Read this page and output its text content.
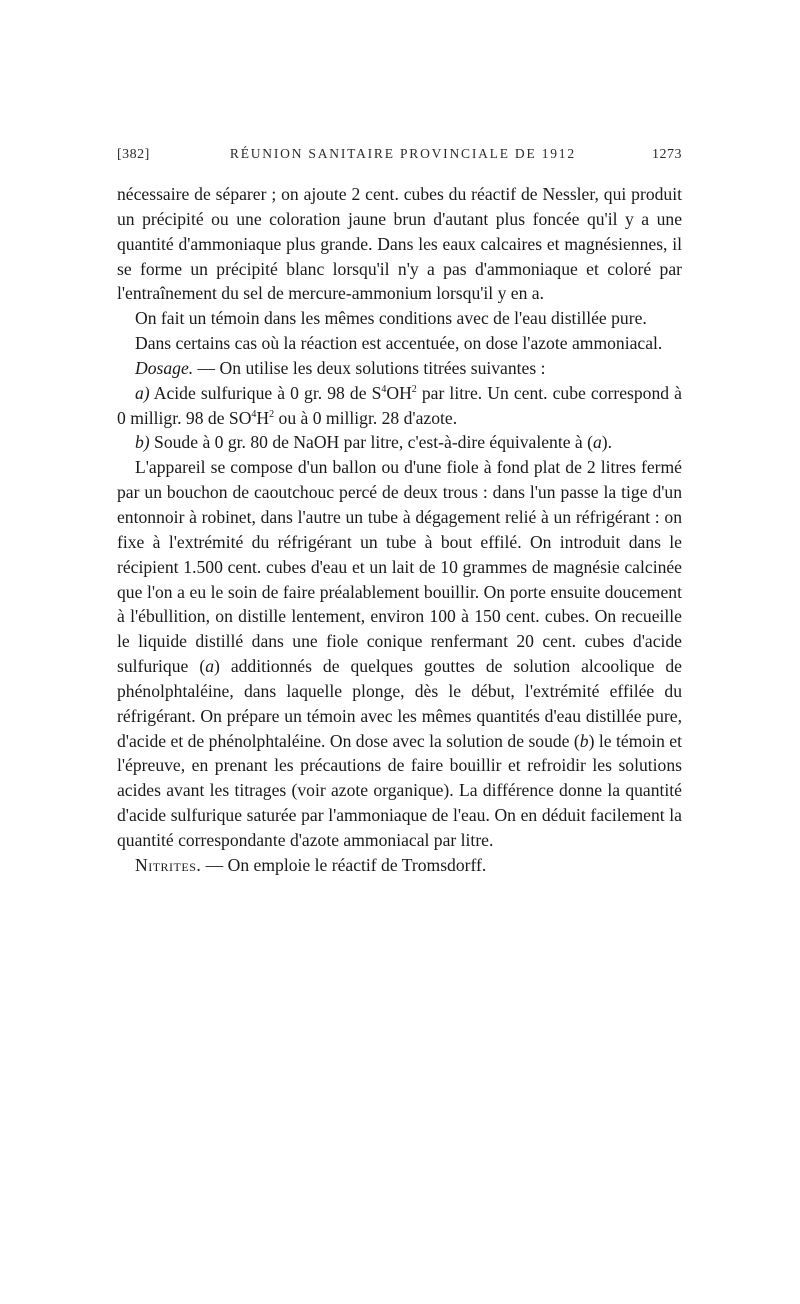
[382]	RÉUNION SANITAIRE PROVINCIALE DE 1912	1273

nécessaire de séparer ; on ajoute 2 cent. cubes du réactif de Nessler, qui produit un précipité ou une coloration jaune brun d'autant plus foncée qu'il y a une quantité d'ammoniaque plus grande. Dans les eaux calcaires et magnésiennes, il se forme un précipité blanc lorsqu'il n'y a pas d'ammoniaque et coloré par l'entraînement du sel de mercure-ammonium lorsqu'il y en a.

On fait un témoin dans les mêmes conditions avec de l'eau distillée pure.

Dans certains cas où la réaction est accentuée, on dose l'azote ammoniacal.

Dosage. — On utilise les deux solutions titrées suivantes :

a) Acide sulfurique à 0 gr. 98 de $S^4OH^2$ par litre. Un cent. cube correspond à 0 milligr. 98 de $SO^4H^2$ ou à 0 milligr. 28 d'azote.

b) Soude à 0 gr. 80 de NaOH par litre, c'est-à-dire équivalente à (a).

L'appareil se compose d'un ballon ou d'une fiole à fond plat de 2 litres fermé par un bouchon de caoutchouc percé de deux trous : dans l'un passe la tige d'un entonnoir à robinet, dans l'autre un tube à dégagement relié à un réfrigérant : on fixe à l'extrémité du réfrigérant un tube à bout effilé. On introduit dans le récipient 1.500 cent. cubes d'eau et un lait de 10 grammes de magnésie calcinée que l'on a eu le soin de faire préalablement bouillir. On porte ensuite doucement à l'ébullition, on distille lentement, environ 100 à 150 cent. cubes. On recueille le liquide distillé dans une fiole conique renfermant 20 cent. cubes d'acide sulfurique (a) additionnés de quelques gouttes de solution alcoolique de phénolphtaléine, dans laquelle plonge, dès le début, l'extrémité effilée du réfrigérant. On prépare un témoin avec les mêmes quantités d'eau distillée pure, d'acide et de phénolphtaléine. On dose avec la solution de soude (b) le témoin et l'épreuve, en prenant les précautions de faire bouillir et refroidir les solutions acides avant les titrages (voir azote organique). La différence donne la quantité d'acide sulfurique saturée par l'ammoniaque de l'eau. On en déduit facilement la quantité correspondante d'azote ammoniacal par litre.

Nitrites. — On emploie le réactif de Tromsdorff.
